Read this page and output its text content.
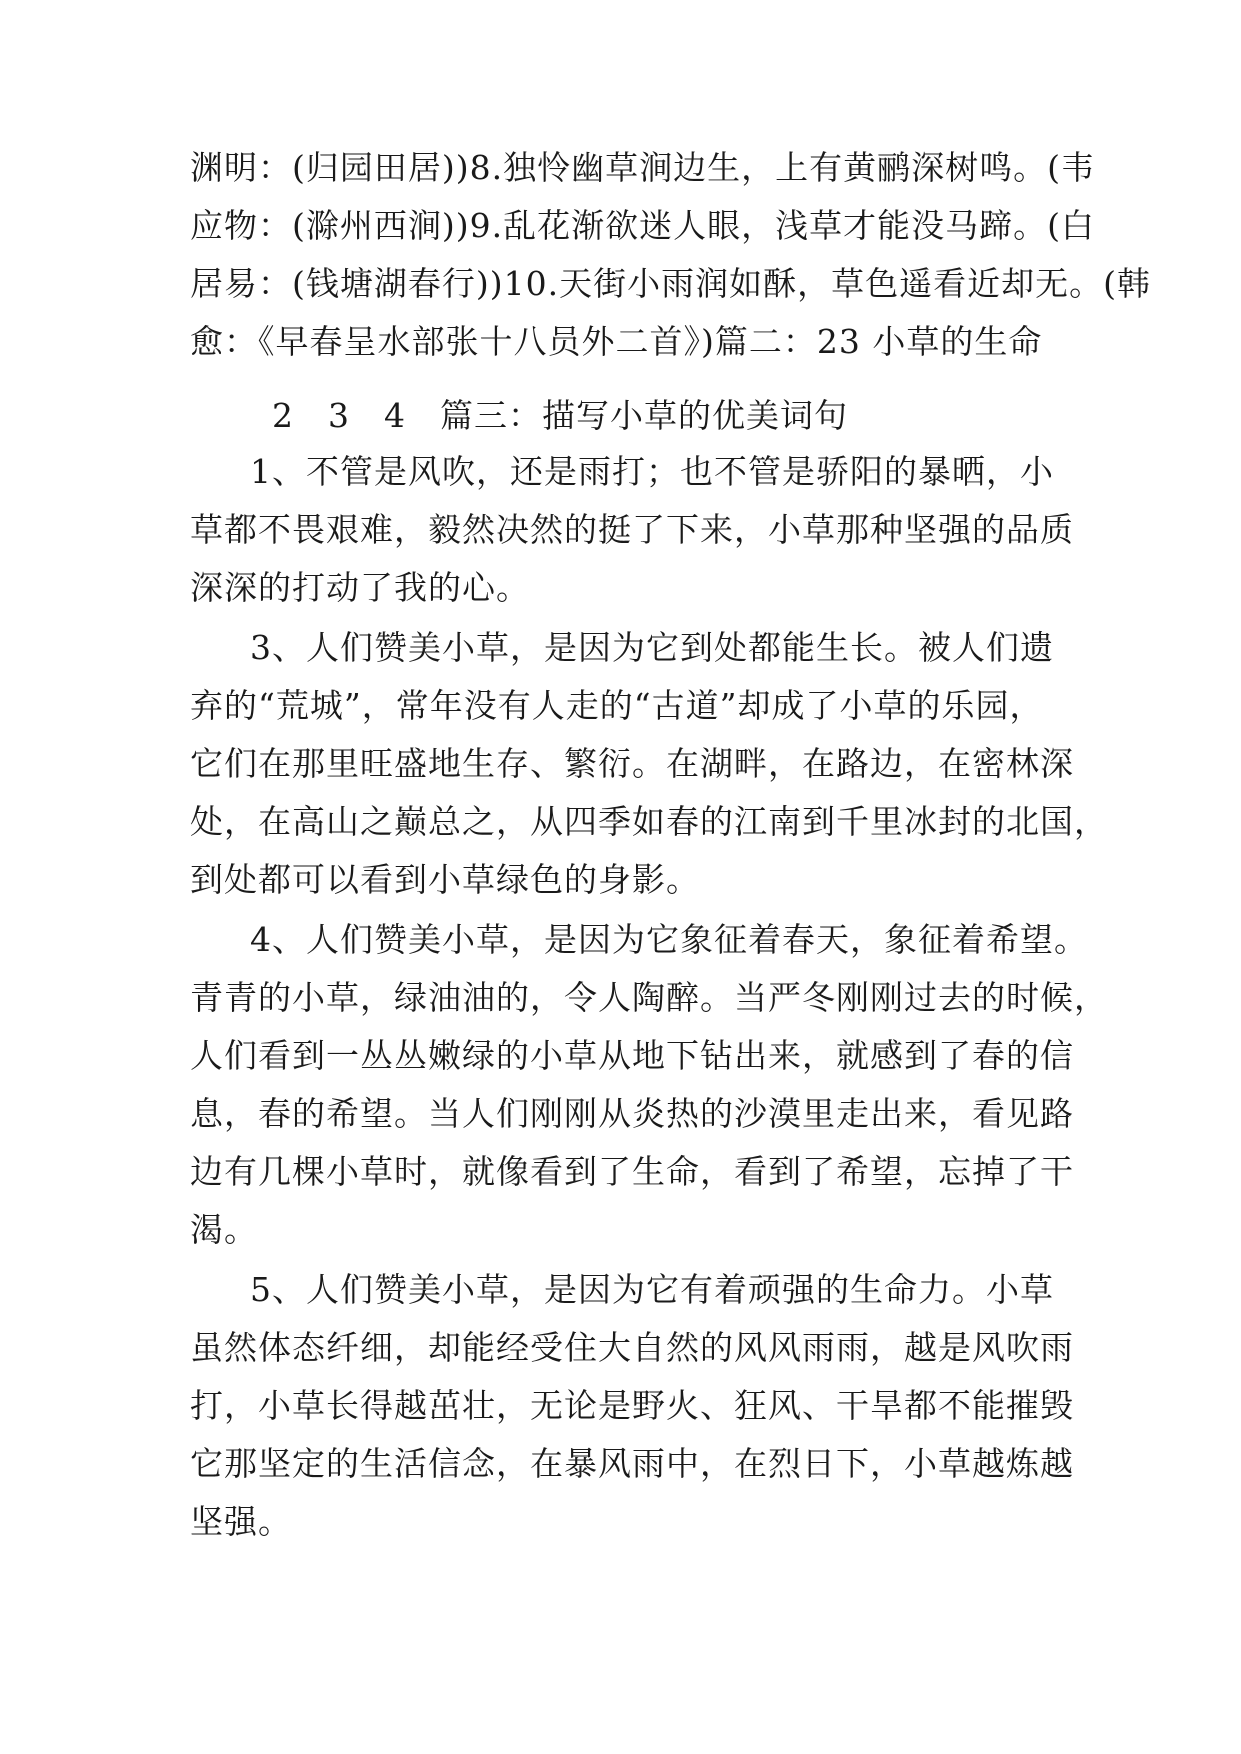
渊明：(归园田居))8.独怜幽草涧边生，上有黄鹂深树鸣。(韦
应物：(滁州西涧))9.乱花渐欲迷人眼，浅草才能没马蹄。(白
居易：(钱塘湖春行))10.天街小雨润如酥，草色遥看近却无。(韩
愈：《早春呈水部张十八员外二首》)篇二：23 小草的生命
2　3　4　篇三：描写小草的优美词句
1、不管是风吹，还是雨打；也不管是骄阳的暴晒，小
草都不畏艰难，毅然决然的挺了下来，小草那种坚强的品质
深深的打动了我的心。
3、人们赞美小草，是因为它到处都能生长。被人们遗
弃的“荒城”，常年没有人走的“古道”却成了小草的乐园，
它们在那里旺盛地生存、繁衍。在湖畔，在路边，在密林深
处，在高山之巅总之，从四季如春的江南到千里冰封的北国，
到处都可以看到小草绿色的身影。
4、人们赞美小草，是因为它象征着春天，象征着希望。
青青的小草，绿油油的，令人陶醉。当严冬刚刚过去的时候，
人们看到一丛丛嫩绿的小草从地下钻出来，就感到了春的信
息，春的希望。当人们刚刚从炎热的沙漠里走出来，看见路
边有几棵小草时，就像看到了生命，看到了希望，忘掉了干
渴。
5、人们赞美小草，是因为它有着顽强的生命力。小草
虽然体态纤细，却能经受住大自然的风风雨雨，越是风吹雨
打，小草长得越茁壮，无论是野火、狂风、干旱都不能摧毁
它那坚定的生活信念，在暴风雨中，在烈日下，小草越炼越
坚强。
